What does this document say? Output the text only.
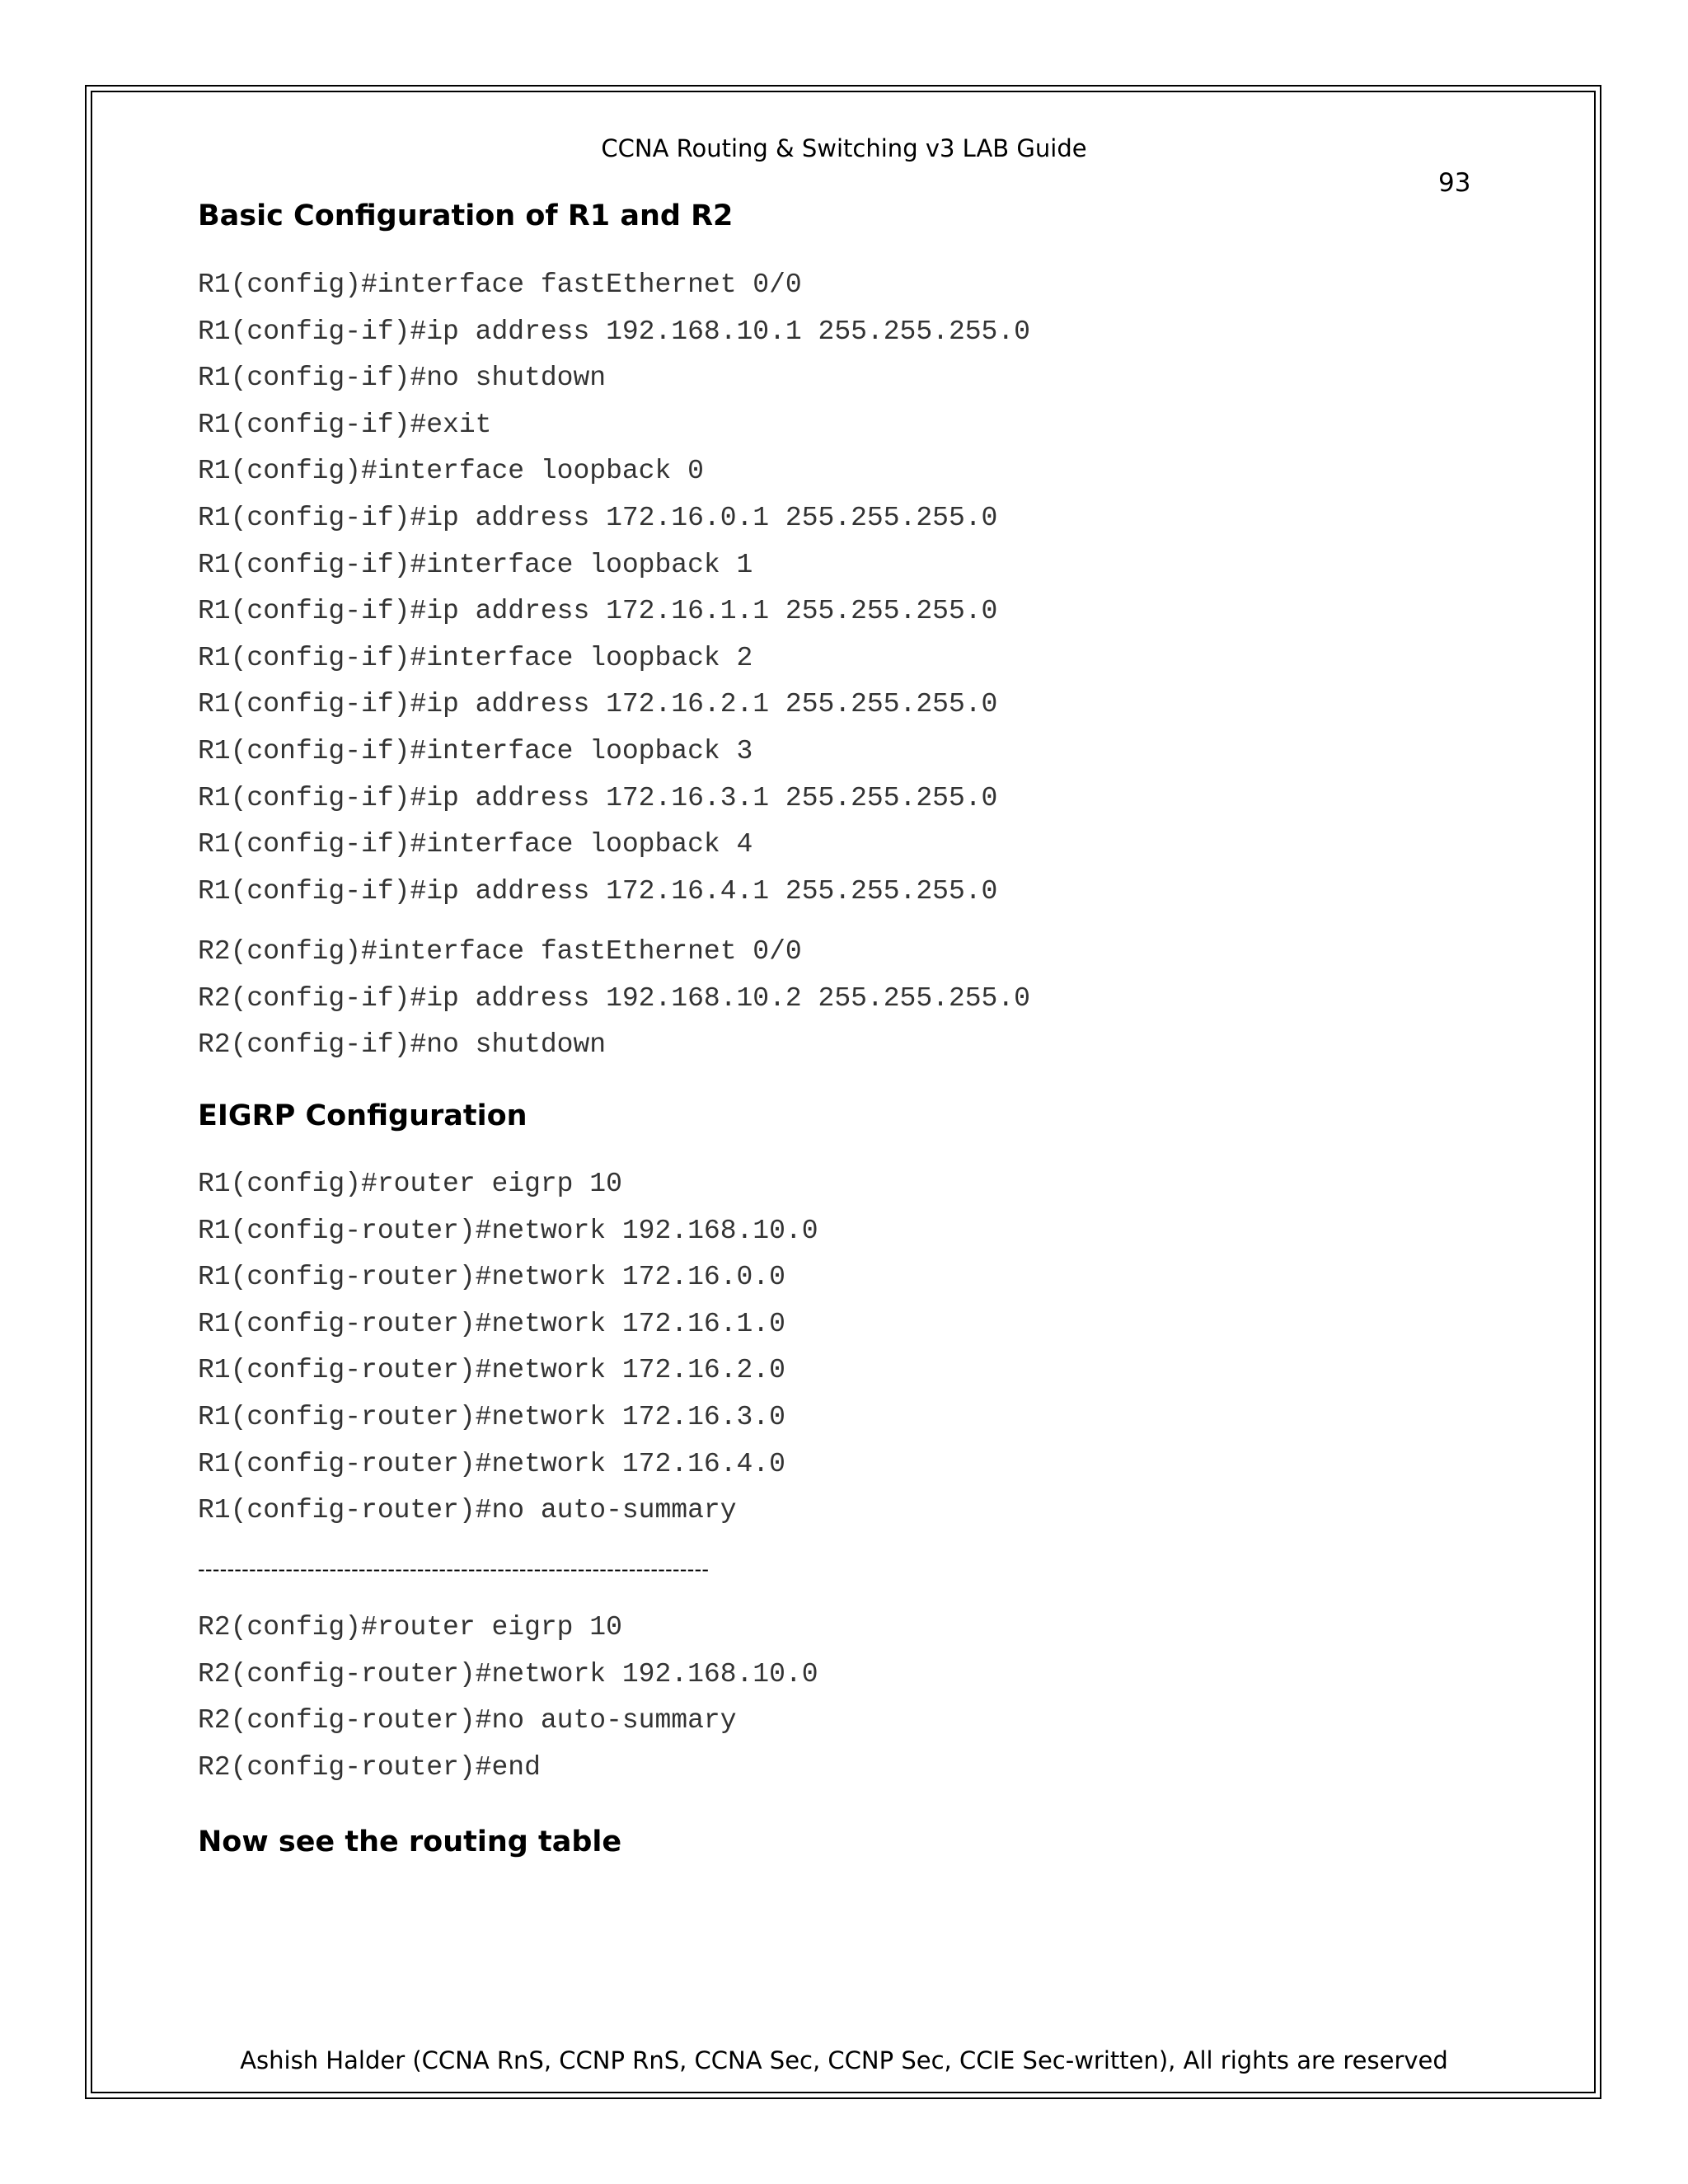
CCNA Routing & Switching v3 LAB Guide
93
Basic Configuration of R1 and R2
R1(config)#interface fastEthernet 0/0
R1(config-if)#ip address 192.168.10.1 255.255.255.0
R1(config-if)#no shutdown
R1(config-if)#exit
R1(config)#interface loopback 0
R1(config-if)#ip address 172.16.0.1 255.255.255.0
R1(config-if)#interface loopback 1
R1(config-if)#ip address 172.16.1.1 255.255.255.0
R1(config-if)#interface loopback 2
R1(config-if)#ip address 172.16.2.1 255.255.255.0
R1(config-if)#interface loopback 3
R1(config-if)#ip address 172.16.3.1 255.255.255.0
R1(config-if)#interface loopback 4
R1(config-if)#ip address 172.16.4.1 255.255.255.0
R2(config)#interface fastEthernet 0/0
R2(config-if)#ip address 192.168.10.2 255.255.255.0
R2(config-if)#no shutdown
EIGRP Configuration
R1(config)#router eigrp 10
R1(config-router)#network 192.168.10.0
R1(config-router)#network 172.16.0.0
R1(config-router)#network 172.16.1.0
R1(config-router)#network 172.16.2.0
R1(config-router)#network 172.16.3.0
R1(config-router)#network 172.16.4.0
R1(config-router)#no auto-summary
----------------------------------------------------------------------
R2(config)#router eigrp 10
R2(config-router)#network 192.168.10.0
R2(config-router)#no auto-summary
R2(config-router)#end
Now see the routing table
Ashish Halder (CCNA RnS, CCNP RnS, CCNA Sec, CCNP Sec, CCIE Sec-written), All rights are reserved
